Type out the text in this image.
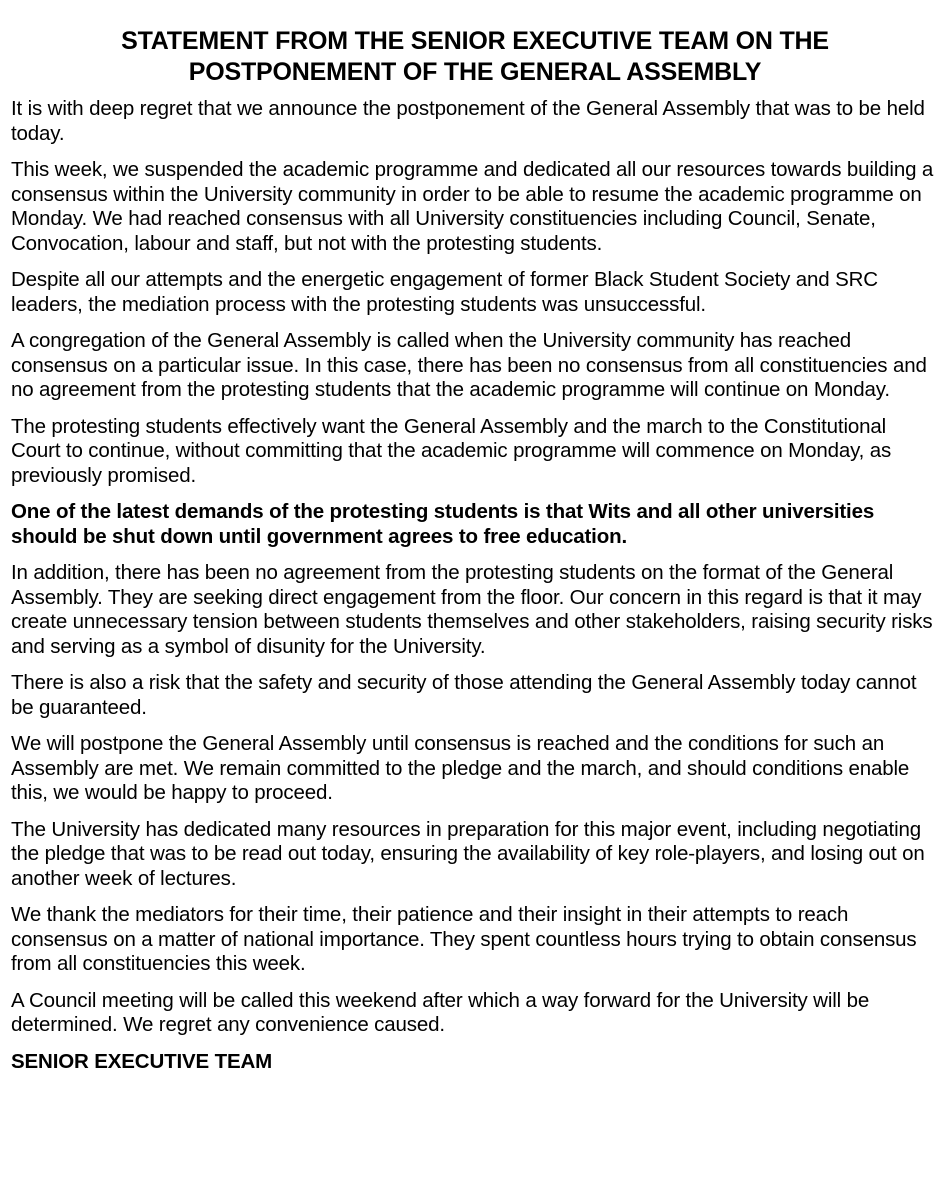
STATEMENT FROM THE SENIOR EXECUTIVE TEAM ON THE
POSTPONEMENT OF THE GENERAL ASSEMBLY

It is with deep regret that we announce the postponement of the General Assembly that was to be held today.

This week, we suspended the academic programme and dedicated all our resources towards building a consensus within the University community in order to be able to resume the academic programme on Monday. We had reached consensus with all University constituencies including Council, Senate, Convocation, labour and staff, but not with the protesting students.

Despite all our attempts and the energetic engagement of former Black Student Society and SRC leaders, the mediation process with the protesting students was unsuccessful.

A congregation of the General Assembly is called when the University community has reached consensus on a particular issue. In this case, there has been no consensus from all constituencies and no agreement from the protesting students that the academic programme will continue on Monday.

The protesting students effectively want the General Assembly and the march to the Constitutional Court to continue, without committing that the academic programme will commence on Monday, as previously promised.

One of the latest demands of the protesting students is that Wits and all other universities should be shut down until government agrees to free education.

In addition, there has been no agreement from the protesting students on the format of the General Assembly. They are seeking direct engagement from the floor. Our concern in this regard is that it may create unnecessary tension between students themselves and other stakeholders, raising security risks and serving as a symbol of disunity for the University.

There is also a risk that the safety and security of those attending the General Assembly today cannot be guaranteed.

We will postpone the General Assembly until consensus is reached and the conditions for such an Assembly are met. We remain committed to the pledge and the march, and should conditions enable this, we would be happy to proceed.

The University has dedicated many resources in preparation for this major event, including negotiating the pledge that was to be read out today, ensuring the availability of key role-players, and losing out on another week of lectures.

We thank the mediators for their time, their patience and their insight in their attempts to reach consensus on a matter of national importance. They spent countless hours trying to obtain consensus from all constituencies this week.

A Council meeting will be called this weekend after which a way forward for the University will be determined. We regret any convenience caused.

SENIOR EXECUTIVE TEAM
